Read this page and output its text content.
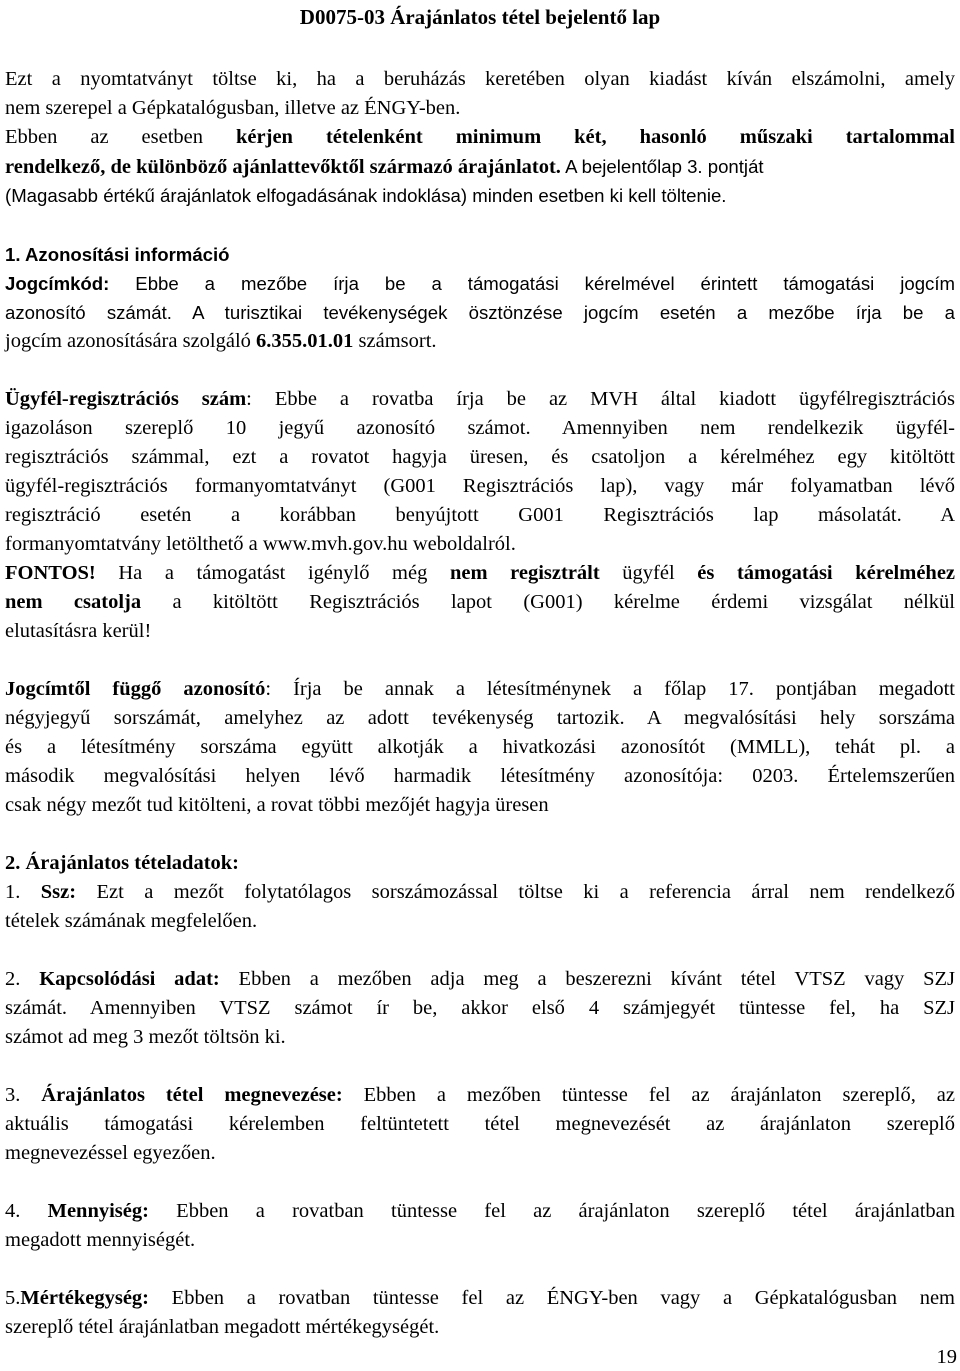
D0075-03 Árajánlatos tétel bejelentő lap
Ezt a nyomtatványt töltse ki, ha a beruházás keretében olyan kiadást kíván elszámolni, amely
nem szerepel a Gépkatalógusban, illetve az ÉNGY-ben.
Ebben az esetben kérjen tételenként minimum két, hasonló műszaki tartalommal
rendelkező, de különböző ajánlattevőktől származó árajánlatot. A bejelentőlap 3. pontját
(Magasabb értékű árajánlatok elfogadásának indoklása) minden esetben ki kell töltenie.
1. Azonosítási információ
Jogcímkód: Ebbe a mezőbe írja be a támogatási kérelmével érintett támogatási jogcím
azonosító számát. A turisztikai tevékenységek ösztönzése jogcím esetén a mezőbe írja be a
jogcím azonosítására szolgáló 6.355.01.01 számsort.
Ügyfél-regisztrációs szám: Ebbe a rovatba írja be az MVH által kiadott ügyfélregisztrációs
igazoláson szereplő 10 jegyű azonosító számot. Amennyiben nem rendelkezik ügyfél-
regisztrációs számmal, ezt a rovatot hagyja üresen, és csatoljon a kérelméhez egy kitöltött
ügyfél-regisztrációs formanyomtatványt (G001 Regisztrációs lap), vagy már folyamatban lévő
regisztráció esetén a korábban benyújtott G001 Regisztrációs lap másolatát. A
formanyomtatvány letölthető a www.mvh.gov.hu weboldalról.
FONTOS! Ha a támogatást igénylő még nem regisztrált ügyfél és támogatási kérelméhez
nem csatolja a kitöltött Regisztrációs lapot (G001) kérelme érdemi vizsgálat nélkül
elutasításra kerül!
Jogcímtől függő azonosító: Írja be annak a létesítménynek a főlap 17. pontjában megadott
négyjegyű sorszámát, amelyhez az adott tevékenység tartozik. A megvalósítási hely sorszáma
és a létesítmény sorszáma együtt alkotják a hivatkozási azonosítót (MMLL), tehát pl. a
második megvalósítási helyen lévő harmadik létesítmény azonosítója: 0203. Értelemszerűen
csak négy mezőt tud kitölteni, a rovat többi mezőjét hagyja üresen
2. Árajánlatos tételadatok:
1. Ssz: Ezt a mezőt folytatólagos sorszámozással töltse ki a referencia árral nem rendelkező
tételek számának megfelelően.
2. Kapcsolódási adat: Ebben a mezőben adja meg a beszerezni kívánt tétel VTSZ vagy SZJ
számát. Amennyiben VTSZ számot ír be, akkor első 4 számjegyét tüntesse fel, ha SZJ
számot ad meg 3 mezőt töltsön ki.
3. Árajánlatos tétel megnevezése: Ebben a mezőben tüntesse fel az árajánlaton szereplő, az
aktuális támogatási kérelemben feltüntetett tétel megnevezését az árajánlaton szereplő
megnevezéssel egyezően.
4. Mennyiség: Ebben a rovatban tüntesse fel az árajánlaton szereplő tétel árajánlatban
megadott mennyiségét.
5.Mértékegység: Ebben a rovatban tüntesse fel az ÉNGY-ben vagy a Gépkatalógusban nem
szereplő tétel árajánlatban megadott mértékegységét.
19
